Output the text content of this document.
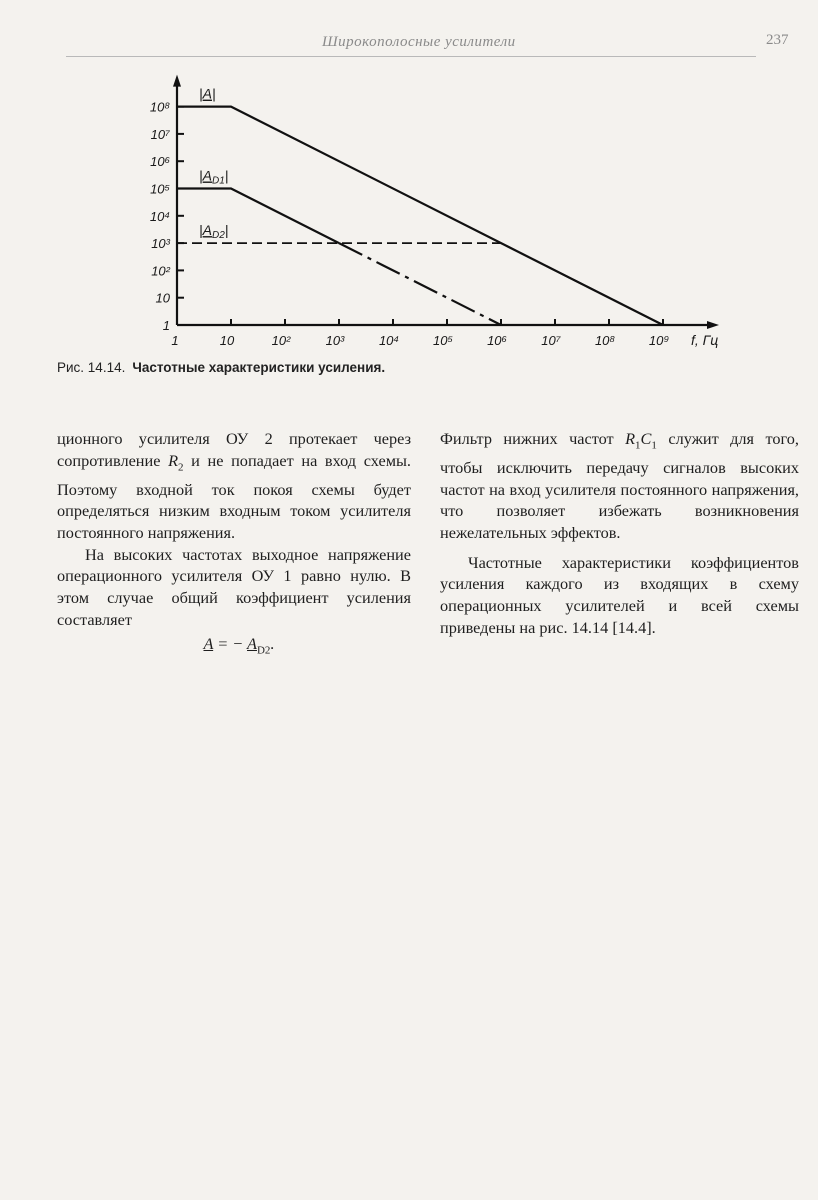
Широкополосные усилители	237
1	10	10²	10³	10⁴	10⁵	10⁶	10⁷	10⁸	10⁹
1
10
10²
10³
10⁴
10⁵
10⁶
10⁷
10⁸
f, Гц
|A|
$|A_{D1}|$
$|A_{D2}|$
Рис. 14.14. Частотные характеристики усиления.

ционного усилителя ОУ 2 протекает через сопротивление $R_2$ и не попадает на вход схемы. Поэтому входной ток покоя схемы будет определяться низким входным током усилителя постоянного напряжения.

На высоких частотах выходное напряжение операционного усилителя ОУ 1 равно нулю. В этом случае общий коэффициент усиления составляет

A = − $A_{D2}$.

Фильтр нижних частот $R_1C_1$ служит для того, чтобы исключить передачу сигналов высоких частот на вход усилителя постоянного напряжения, что позволяет избежать возникновения нежелательных эффектов.

Частотные характеристики коэффициентов усиления каждого из входящих в схему операционных усилителей и всей схемы приведены на рис. 14.14 [14.4].
